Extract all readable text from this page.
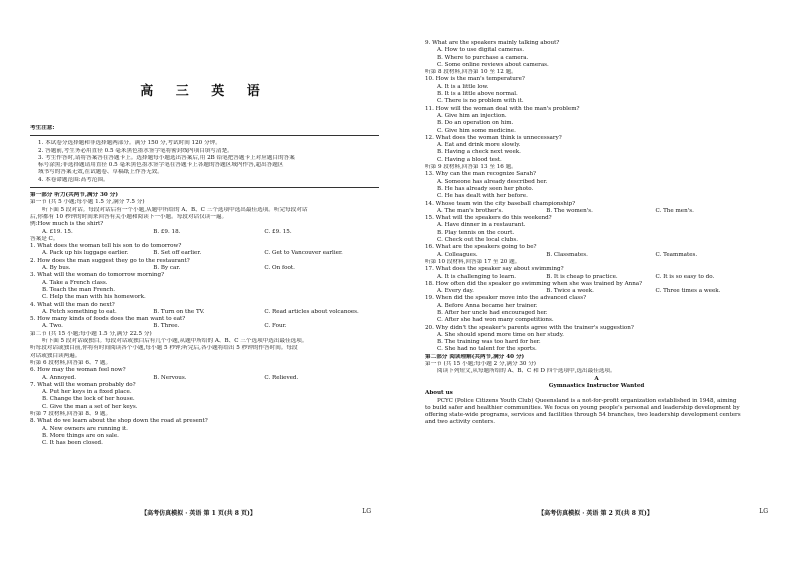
高 三 英 语
考生注意:
1. 本试卷分选择题和非选择题两部分。满分 150 分,考试时间 120 分钟。
2. 答题前,考生务必用直径 0.5 毫米黑色墨水签字笔将密封线内项目填写清楚。
3. 考生作答时,请将答案答在答题卡上。选择题每小题选出答案后,用 2B 铅笔把答题卡上对应题目的答案
标号涂黑;非选择题请用直径 0.5 毫米黑色墨水签字笔在答题卡上各题的答题区域内作答,超出答题区
域书写的答案无效,在试题卷、草稿纸上作答无效。
4. 本卷命题范围:高考范围。
第一部分 听力(共两节,满分 30 分)
第一节 (共 5 小题;每小题 1.5 分,满分 7.5 分)
听下面 5 段对话。每段对话后有一个小题,从题中所给的 A、B、C 三个选项中选出最佳选项。听完每段对话
后,你都有 10 秒钟的时间来回答有关小题和阅读下一小题。每段对话仅读一遍。
例:How much is the shirt?
A. £19. 15.	B. £9. 18.	C. £9. 15.
答案是 C。
1. What does the woman tell his son to do tomorrow?
A. Pack up his luggage earlier.	B. Set off earlier.	C. Get to Vancouver earlier.
2. How does the man suggest they go to the restaurant?
A. By bus.	B. By car.	C. On foot.
3. What will the woman do tomorrow morning?
A. Take a French class.
B. Teach the man French.
C. Help the man with his homework.
4. What will the man do next?
A. Fetch something to eat.	B. Turn on the TV.	C. Read articles about volcanoes.
5. How many kinds of foods does the man want to eat?
A. Two.	B. Three.	C. Four.
第二节 (共 15 小题;每小题 1.5 分,满分 22.5 分)
听下面 5 段对话或独白。每段对话或独白后有几个小题,从题中所给的 A、B、C 三个选项中选出最佳选项。
听每段对话或独白前,你将有时间阅读各个小题,每小题 5 秒钟;听完后,各小题将给出 5 秒钟的作答时间。每段
对话或独白读两遍。
听第 6 段材料,回答第 6、7 题。
6. How may the woman feel now?
A. Annoyed.	B. Nervous.	C. Relieved.
7. What will the woman probably do?
A. Put her keys in a fixed place.
B. Change the lock of her house.
C. Give the man a set of her keys.
听第 7 段材料,回答第 8、9 题。
8. What do we learn about the shop down the road at present?
A. New owners are running it.
B. More things are on sale.
C. It has been closed.
【高考仿真模拟 · 英语 第 1 页(共 8 页)】	LG
9. What are the speakers mainly talking about?
A. How to use digital cameras.
B. Where to purchase a camera.
C. Some online reviews about cameras.
听第 8 段材料,回答第 10 至 12 题。
10. How is the man's temperature?
A. It is a little low.
B. It is a little above normal.
C. There is no problem with it.
11. How will the woman deal with the man's problem?
A. Give him an injection.
B. Do an operation on him.
C. Give him some medicine.
12. What does the woman think is unnecessary?
A. Eat and drink more slowly.
B. Having a check next week.
C. Having a blood test.
听第 9 段材料,回答第 13 至 16 题。
13. Why can the man recognize Sarah?
A. Someone has already described her.
B. He has already seen her photo.
C. He has dealt with her before.
14. Whose team win the city baseball championship?
A. The man's brother's.	B. The women's.	C. The men's.
15. What will the speakers do this weekend?
A. Have dinner in a restaurant.
B. Play tennis on the court.
C. Check out the local clubs.
16. What are the speakers going to be?
A. Colleagues.	B. Classmates.	C. Teammates.
听第 10 段材料,回答第 17 至 20 题。
17. What does the speaker say about swimming?
A. It is challenging to learn.	B. It is cheap to practice.	C. It is so easy to do.
18. How often did the speaker go swimming when she was trained by Anna?
A. Every day.	B. Twice a week.	C. Three times a week.
19. When did the speaker move into the advanced class?
A. Before Anna became her trainer.
B. After her uncle had encouraged her.
C. After she had won many competitions.
20. Why didn't the speaker's parents agree with the trainer's suggestion?
A. She should spend more time on her study.
B. The training was too hard for her.
C. She had no talent for the sports.
第二部分 阅读理解(共两节,满分 40 分)
第一节 (共 15 小题;每小题 2 分,满分 30 分)
阅读下列短文,从每题所给的 A、B、C 和 D 四个选项中,选出最佳选项。
A
Gymnastics Instructor Wanted
About us
PCYC (Police Citizens Youth Club) Queensland is a not-for-profit organization established in 1948, aiming
to build safer and healthier communities. We focus on young people's personal and leadership development by
offering state-wide programs, services and facilities through 54 branches, two leadership development centers
and two activity centers.
【高考仿真模拟 · 英语 第 2 页(共 8 页)】	LG
